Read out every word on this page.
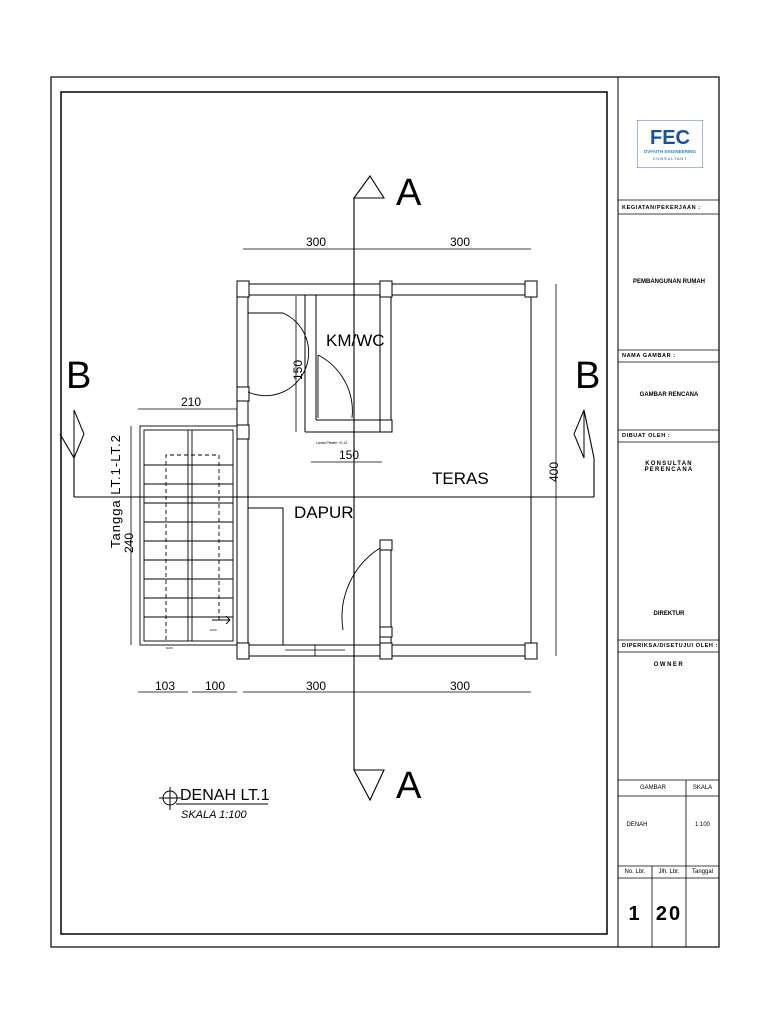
A
A
B	B
KM/WC
DAPUR
TERAS
300	300
210
150
150
240
400
103 100	300	300
Tangga LT.1-LT.2
NAIK
NAIK
Lantai Plester +0.12
DENAH LT.1
SKALA 1:100
FEC
DVFAITH ENGINEERING
CONSULTANT
KEGIATAN/PEKERJAAN :
PEMBANGUNAN RUMAH
NAMA GAMBAR :
GAMBAR RENCANA
DIBUAT OLEH :
KONSULTAN PERENCANA
DIREKTUR
DIPERIKSA/DISETUJUI OLEH :
OWNER
GAMBAR	SKALA
DENAH	1:100
No. Lbr.	Jlh. Lbr.	Tanggal
1 20
